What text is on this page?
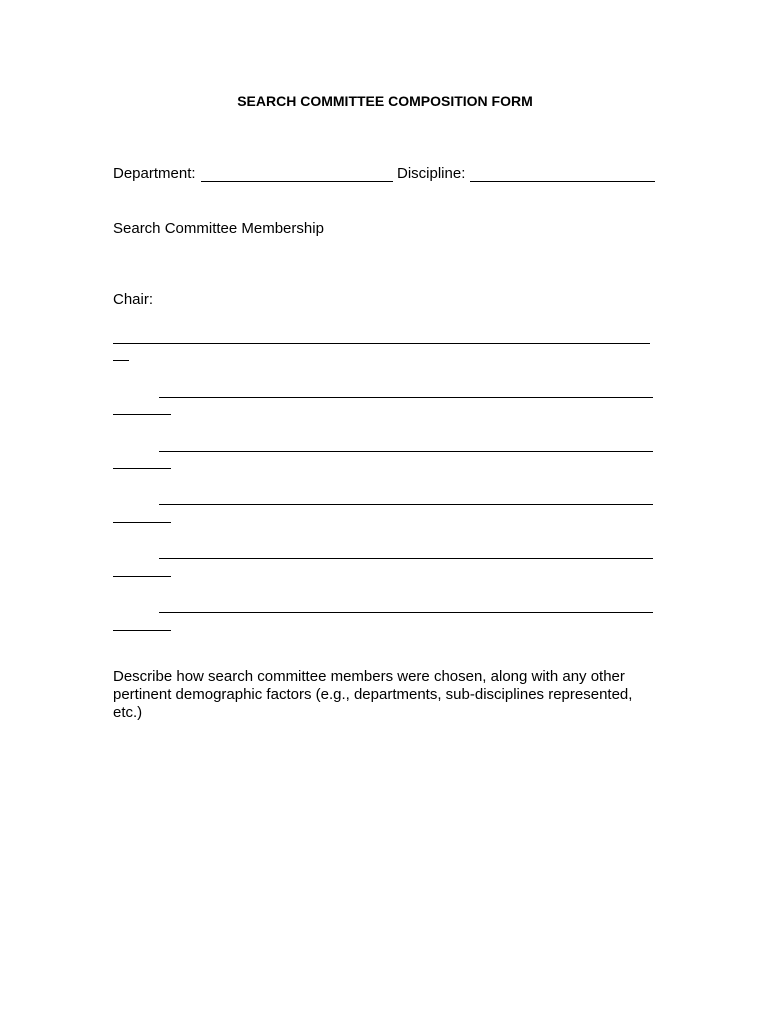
SEARCH COMMITTEE COMPOSITION FORM
Department:	Discipline:
Search Committee Membership
Chair:
Describe how search committee members were chosen, along with any other pertinent demographic factors (e.g., departments, sub-disciplines represented, etc.)
